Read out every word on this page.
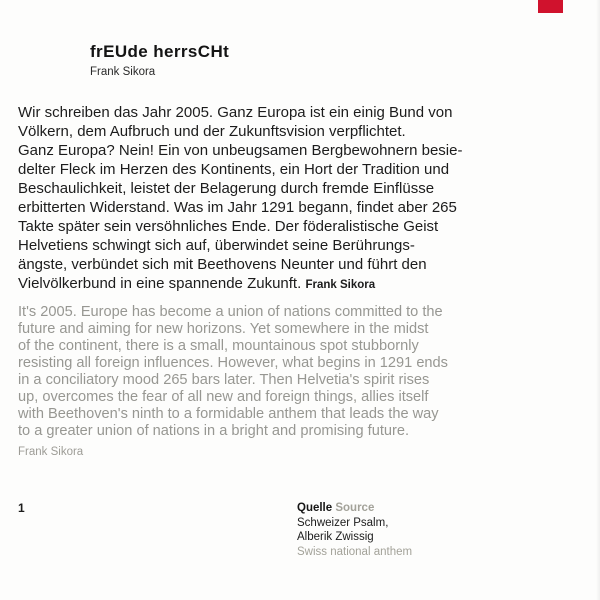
frEUde herrsCHt
Frank Sikora
Wir schreiben das Jahr 2005. Ganz Europa ist ein einig Bund von
Völkern, dem Aufbruch und der Zukunftsvision verpflichtet.
Ganz Europa? Nein! Ein von unbeugsamen Bergbewohnern besie-
delter Fleck im Herzen des Kontinents, ein Hort der Tradition und
Beschaulichkeit, leistet der Belagerung durch fremde Einflüsse
erbitterten Widerstand. Was im Jahr 1291 begann, findet aber 265
Takte später sein versöhnliches Ende. Der föderalistische Geist
Helvetiens schwingt sich auf, überwindet seine Berührungs-
ängste, verbündet sich mit Beethovens Neunter und führt den
Vielvölkerbund in eine spannende Zukunft. Frank Sikora
It's 2005. Europe has become a union of nations committed to the
future and aiming for new horizons. Yet somewhere in the midst
of the continent, there is a small, mountainous spot stubbornly
resisting all foreign influences. However, what begins in 1291 ends
in a conciliatory mood 265 bars later. Then Helvetia's spirit rises
up, overcomes the fear of all new and foreign things, allies itself
with Beethoven's ninth to a formidable anthem that leads the way
to a greater union of nations in a bright and promising future.
Frank Sikora
1	Quelle Source
Schweizer Psalm,
Alberik Zwissig
Swiss national anthem
